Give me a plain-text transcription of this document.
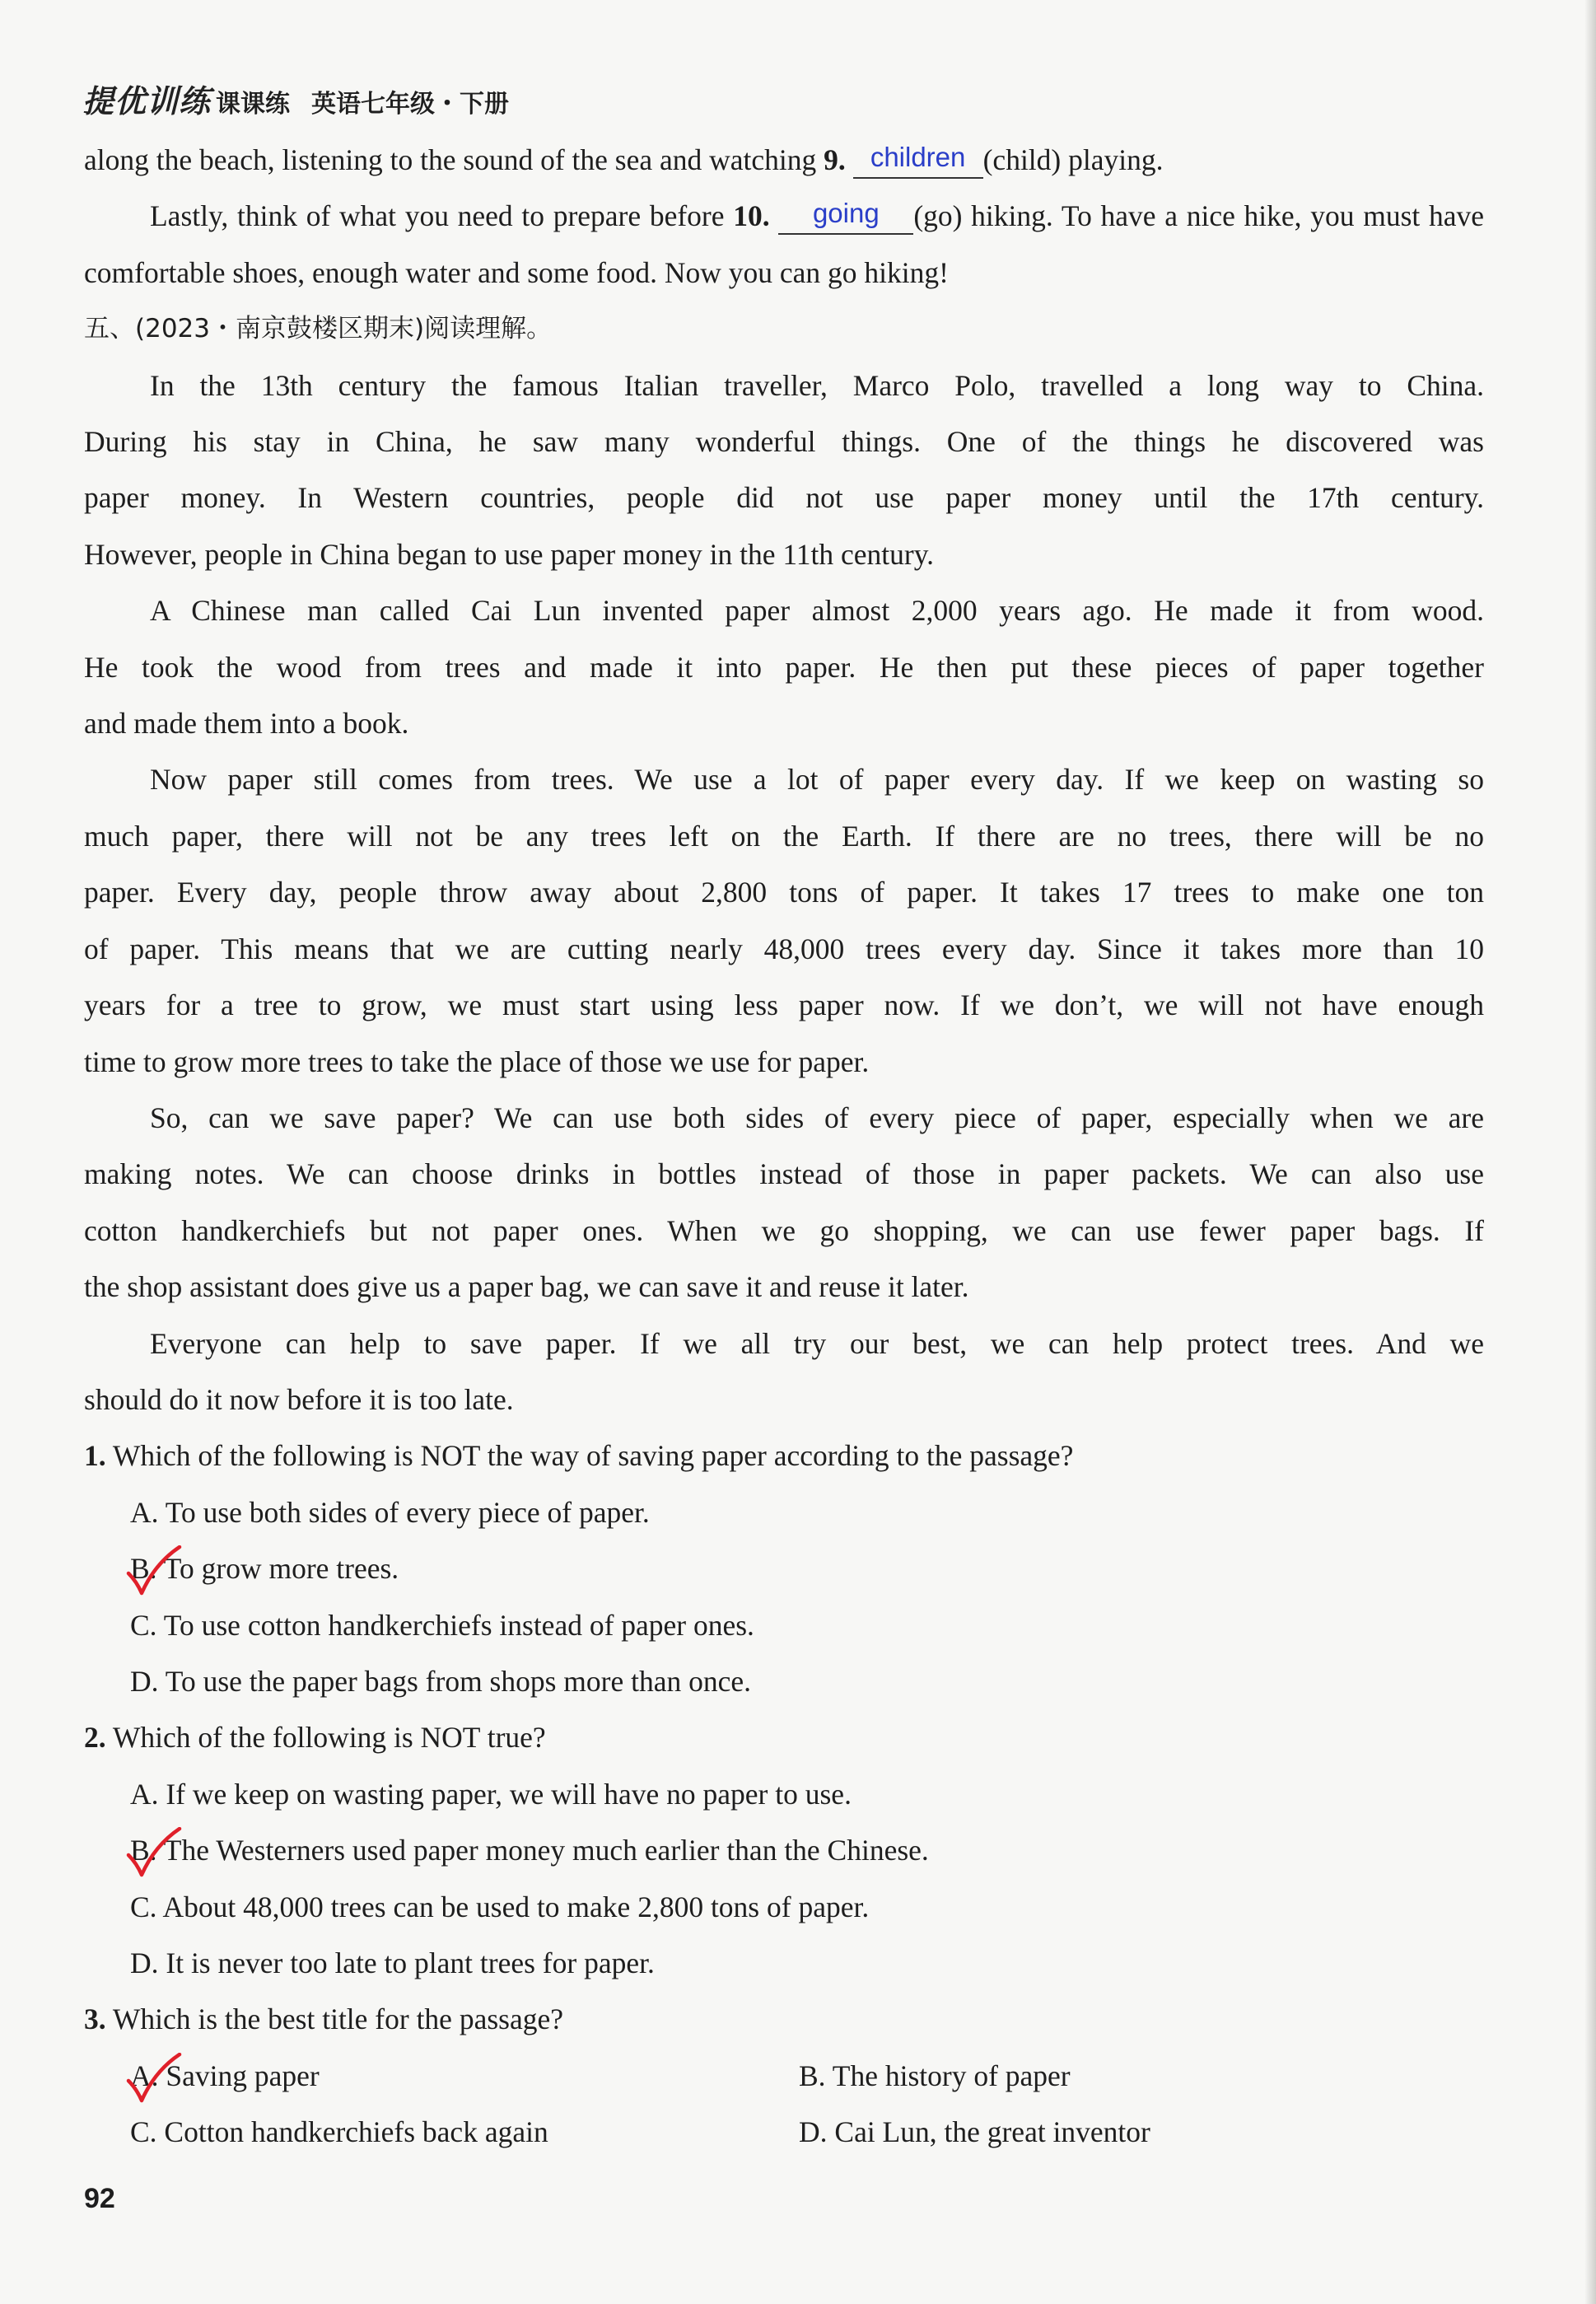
提优训练 课课练 英语七年级・下册

along the beach, listening to the sound of the sea and watching 9. children (child) playing.

Lastly, think of what you need to prepare before 10. going (go) hiking. To have a nice hike, you must have comfortable shoes, enough water and some food. Now you can go hiking!

五、(2023・南京鼓楼区期末)阅读理解。

In the 13th century the famous Italian traveller, Marco Polo, travelled a long way to China.

During his stay in China, he saw many wonderful things. One of the things he discovered was

paper money. In Western countries, people did not use paper money until the 17th century.

However, people in China began to use paper money in the 11th century.

A Chinese man called Cai Lun invented paper almost 2,000 years ago. He made it from wood.

He took the wood from trees and made it into paper. He then put these pieces of paper together

and made them into a book.

Now paper still comes from trees. We use a lot of paper every day. If we keep on wasting so

much paper, there will not be any trees left on the Earth. If there are no trees, there will be no

paper. Every day, people throw away about 2,800 tons of paper. It takes 17 trees to make one ton

of paper. This means that we are cutting nearly 48,000 trees every day. Since it takes more than 10

years for a tree to grow, we must start using less paper now. If we don’t, we will not have enough

time to grow more trees to take the place of those we use for paper.

So, can we save paper? We can use both sides of every piece of paper, especially when we are

making notes. We can choose drinks in bottles instead of those in paper packets. We can also use

cotton handkerchiefs but not paper ones. When we go shopping, we can use fewer paper bags. If

the shop assistant does give us a paper bag, we can save it and reuse it later.

Everyone can help to save paper. If we all try our best, we can help protect trees. And we

should do it now before it is too late.

1. Which of the following is NOT the way of saving paper according to the passage?

A. To use both sides of every piece of paper.

B. To grow more trees.

C. To use cotton handkerchiefs instead of paper ones.

D. To use the paper bags from shops more than once.

2. Which of the following is NOT true?

A. If we keep on wasting paper, we will have no paper to use.

B. The Westerners used paper money much earlier than the Chinese.

C. About 48,000 trees can be used to make 2,800 tons of paper.

D. It is never too late to plant trees for paper.

3. Which is the best title for the passage?

A. Saving paper	B. The history of paper
C. Cotton handkerchiefs back again	D. Cai Lun, the great inventor
92
